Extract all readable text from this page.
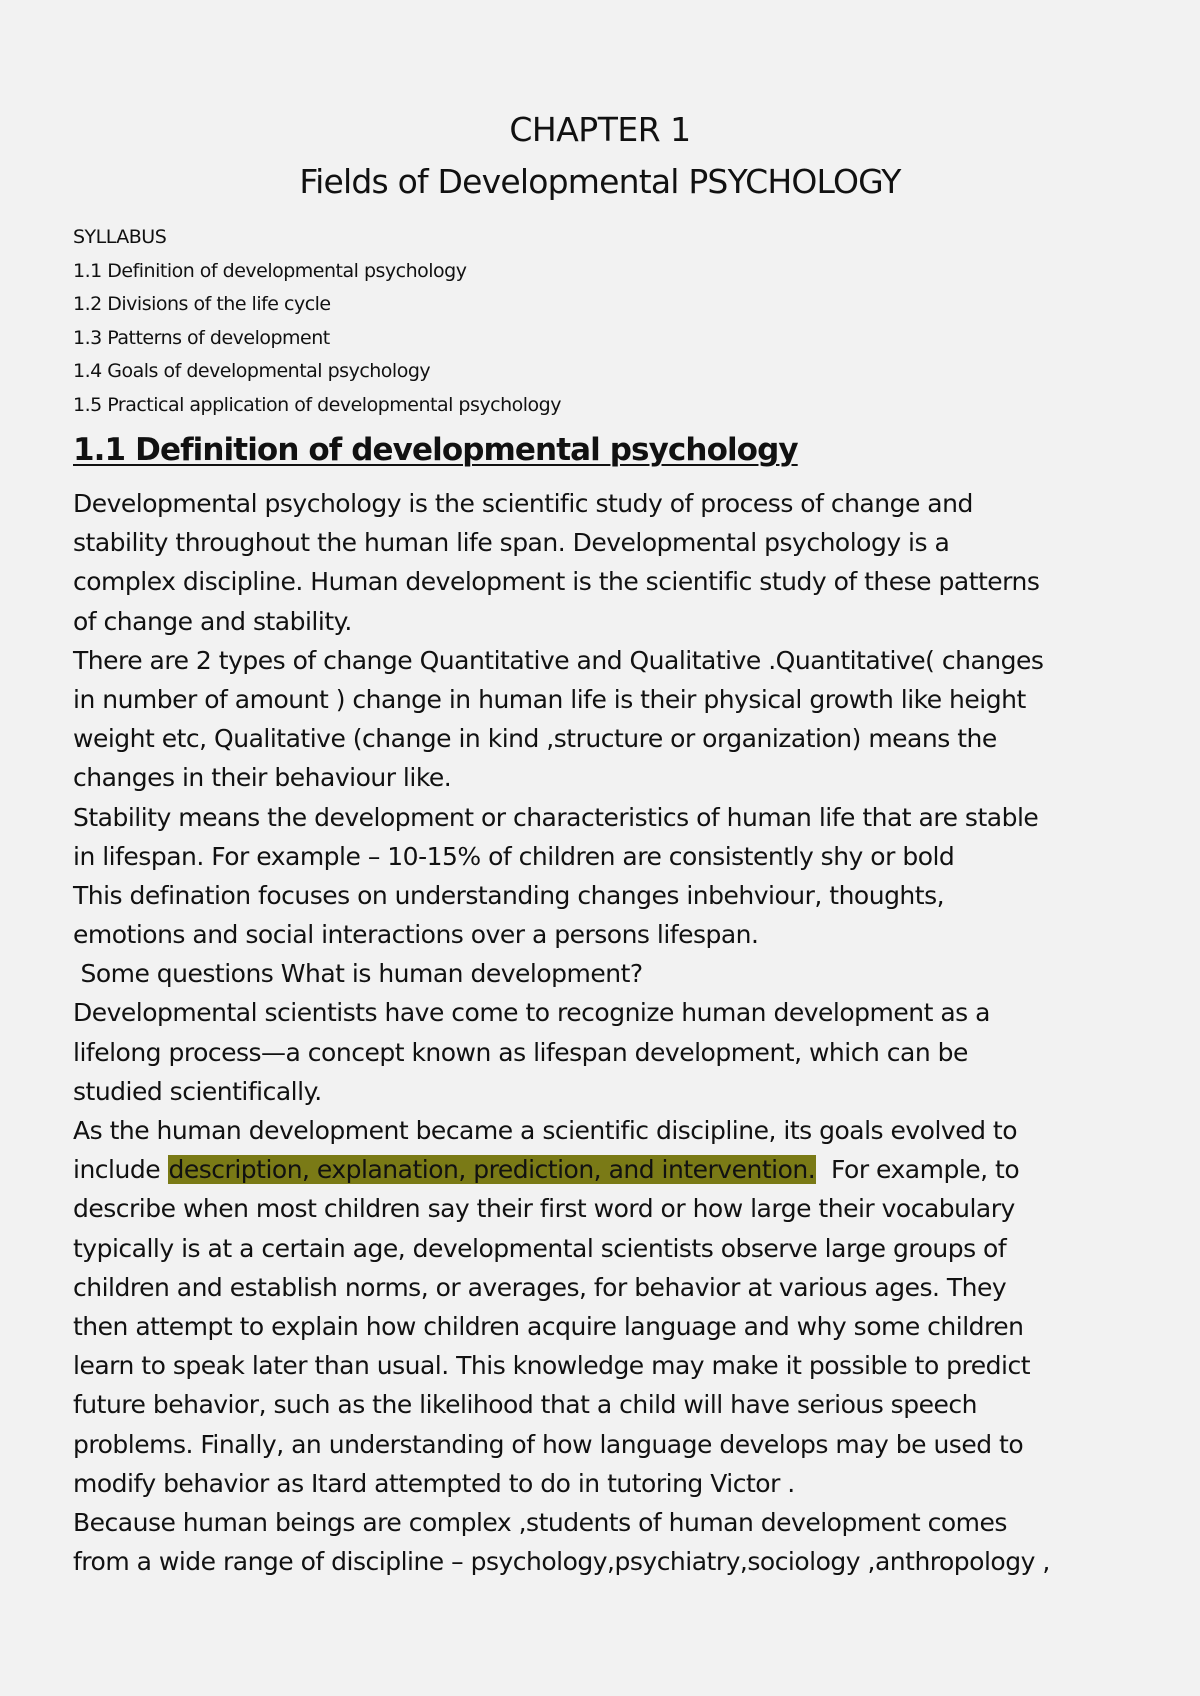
CHAPTER 1
Fields of Developmental PSYCHOLOGY
SYLLABUS
1.1 Definition of developmental psychology
1.2 Divisions of the life cycle
1.3 Patterns of development
1.4 Goals of developmental psychology
1.5 Practical application of developmental psychology
1.1 Definition of developmental psychology
Developmental psychology is the scientific study of process of change and
stability throughout the human life span. Developmental psychology is a
complex discipline. Human development is the scientific study of these patterns
of change and stability.
There are 2 types of change Quantitative and Qualitative .Quantitative( changes
in number of amount ) change in human life is their physical growth like height
weight etc, Qualitative (change in kind ,structure or organization) means the
changes in their behaviour like.
Stability means the development or characteristics of human life that are stable
in lifespan. For example – 10-15% of children are consistently shy or bold
This defination focuses on understanding changes inbehviour, thoughts,
emotions and social interactions over a persons lifespan.
Some questions What is human development?
Developmental scientists have come to recognize human development as a
lifelong process—a concept known as lifespan development, which can be
studied scientifically.
As the human development became a scientific discipline, its goals evolved to
include description, explanation, prediction, and intervention.  For example, to
describe when most children say their first word or how large their vocabulary
typically is at a certain age, developmental scientists observe large groups of
children and establish norms, or averages, for behavior at various ages. They
then attempt to explain how children acquire language and why some children
learn to speak later than usual. This knowledge may make it possible to predict
future behavior, such as the likelihood that a child will have serious speech
problems. Finally, an understanding of how language develops may be used to
modify behavior as Itard attempted to do in tutoring Victor .
Because human beings are complex ,students of human development comes
from a wide range of discipline – psychology,psychiatry,sociology ,anthropology ,
